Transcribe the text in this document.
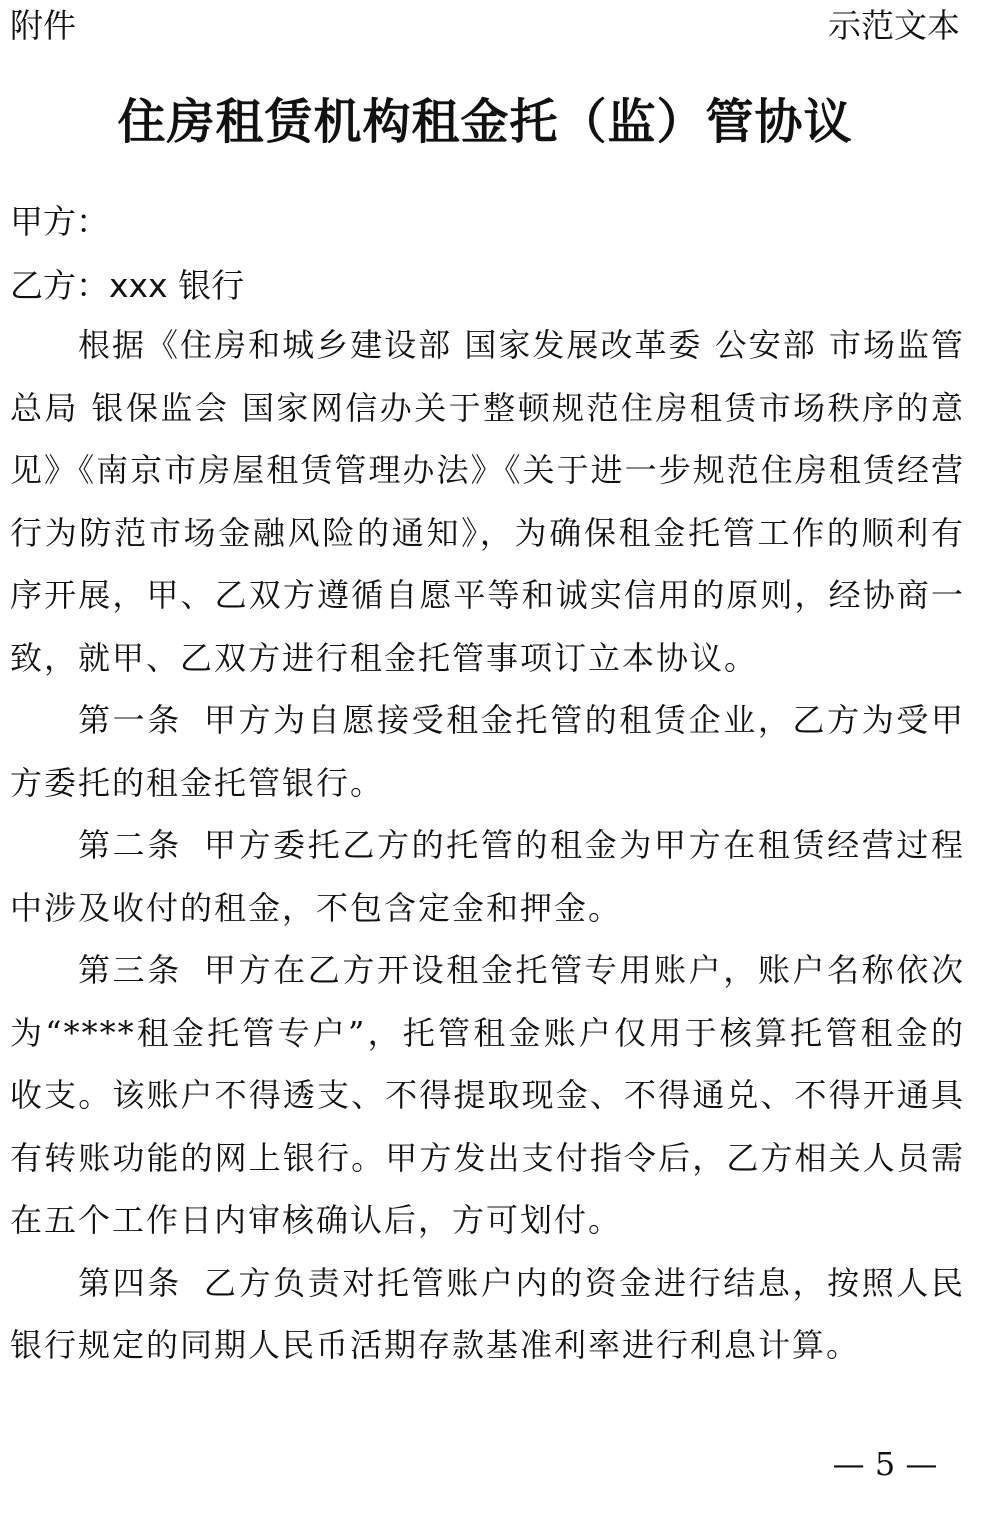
附件	示范文本
住房租赁机构租金托（监）管协议
甲方：
乙方：xxx 银行

根据《住房和城乡建设部 国家发展改革委 公安部 市场监管总局 银保监会 国家网信办关于整顿规范住房租赁市场秩序的意见》《南京市房屋租赁管理办法》《关于进一步规范住房租赁经营行为防范市场金融风险的通知》，为确保租金托管工作的顺利有序开展，甲、乙双方遵循自愿平等和诚实信用的原则，经协商一致，就甲、乙双方进行租金托管事项订立本协议。

第一条 甲方为自愿接受租金托管的租赁企业，乙方为受甲方委托的租金托管银行。

第二条 甲方委托乙方的托管的租金为甲方在租赁经营过程中涉及收付的租金，不包含定金和押金。

第三条 甲方在乙方开设租金托管专用账户，账户名称依次为“****租金托管专户”，托管租金账户仅用于核算托管租金的收支。该账户不得透支、不得提取现金、不得通兑、不得开通具有转账功能的网上银行。甲方发出支付指令后，乙方相关人员需在五个工作日内审核确认后，方可划付。

第四条 乙方负责对托管账户内的资金进行结息，按照人民银行规定的同期人民币活期存款基准利率进行利息计算。

— 5 —
